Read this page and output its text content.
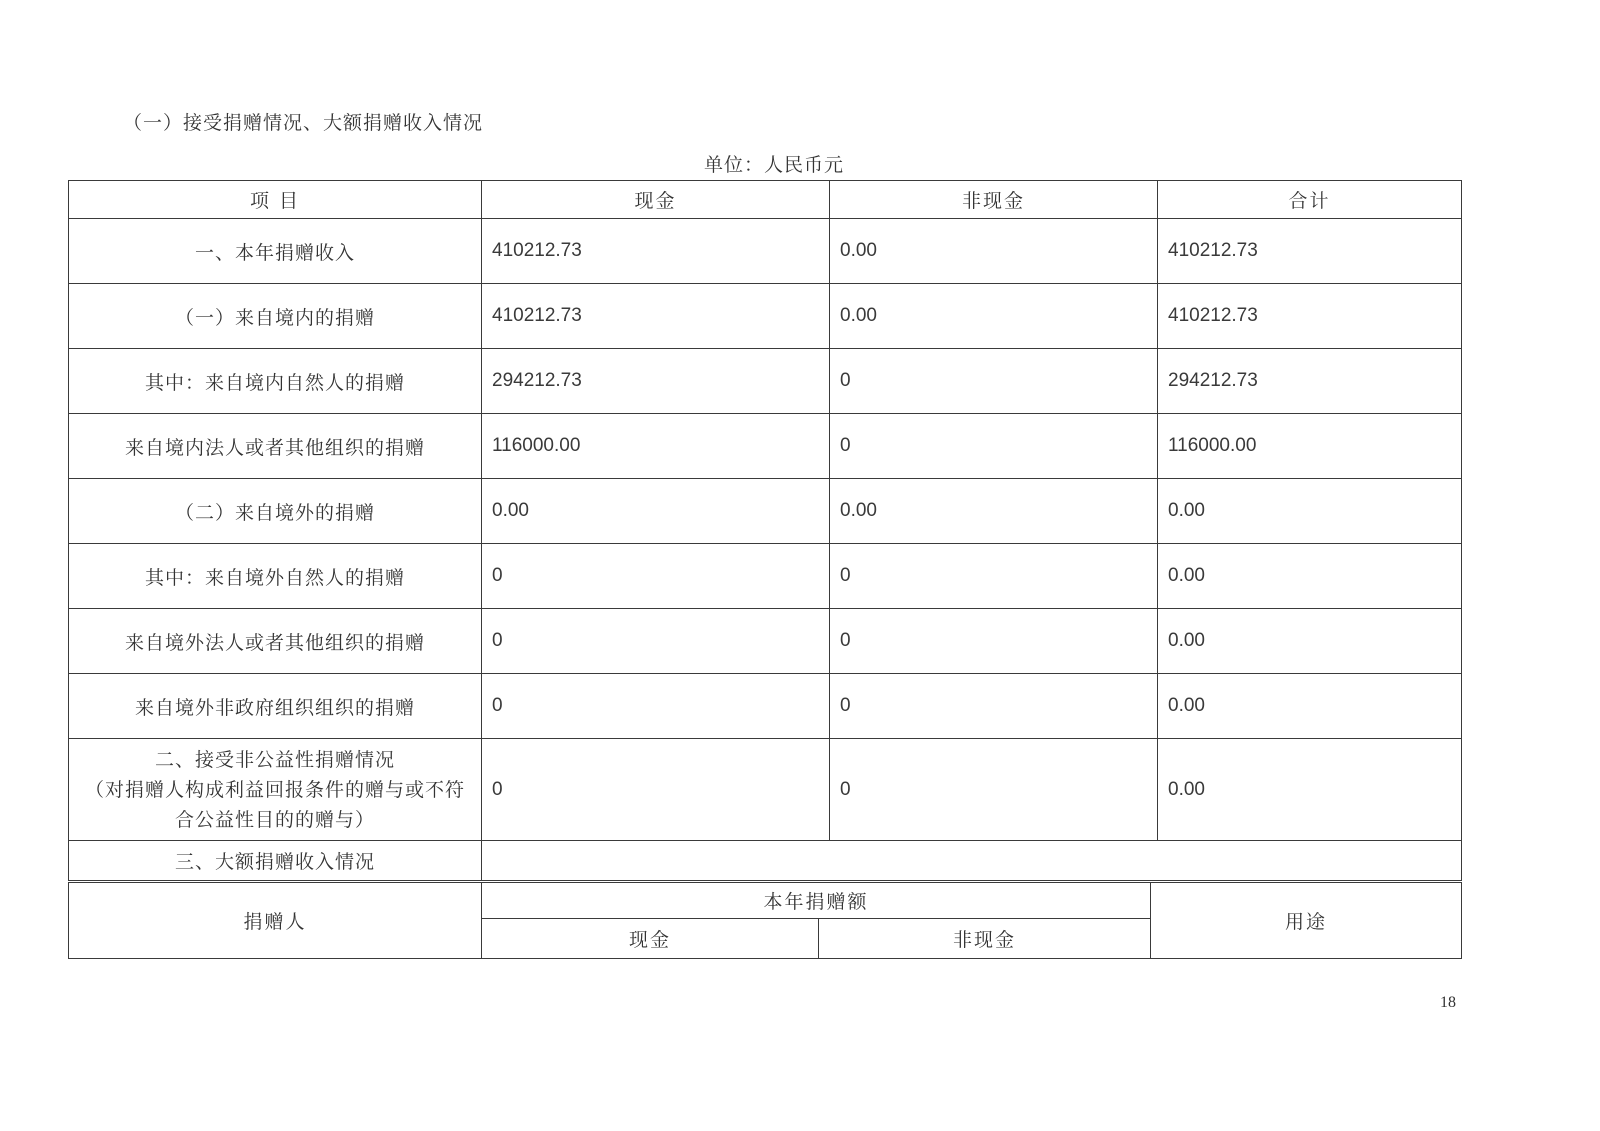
（一）接受捐赠情况、大额捐赠收入情况
单位：人民币元
项 目	现金	非现金	合计
一、本年捐赠收入	410212.73	0.00	410212.73
（一）来自境内的捐赠	410212.73	0.00	410212.73
其中：来自境内自然人的捐赠	294212.73	0	294212.73
来自境内法人或者其他组织的捐赠	116000.00	0	116000.00
（二）来自境外的捐赠	0.00	0.00	0.00
其中：来自境外自然人的捐赠	0	0	0.00
来自境外法人或者其他组织的捐赠	0	0	0.00
来自境外非政府组织组织的捐赠	0	0	0.00

二、接受非公益性捐赠情况
（对捐赠人构成利益回报条件的赠与或不符
合公益性目的的赠与）	0	0	0.00
三、大额捐赠收入情况			
捐赠人	本年捐赠额		用途
	现金	非现金	
18
